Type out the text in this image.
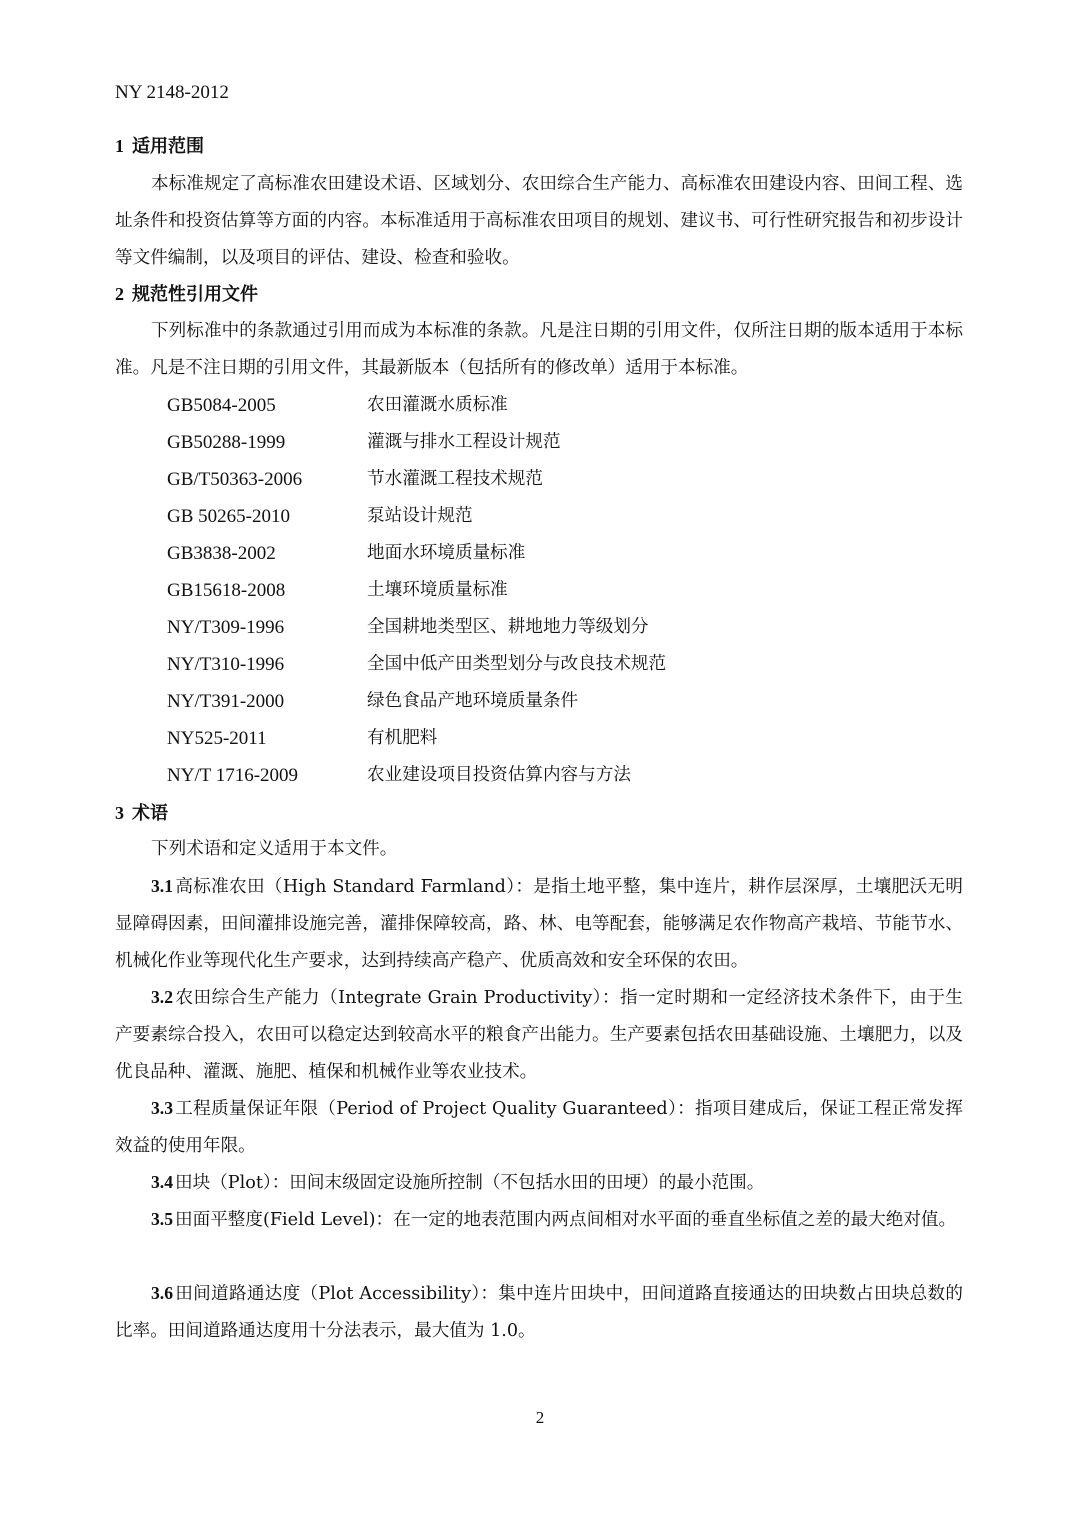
NY 2148-2012
1 适用范围
本标准规定了高标准农田建设术语、区域划分、农田综合生产能力、高标准农田建设内容、田间工程、选址条件和投资估算等方面的内容。本标准适用于高标准农田项目的规划、建议书、可行性研究报告和初步设计等文件编制，以及项目的评估、建设、检查和验收。
2 规范性引用文件
下列标准中的条款通过引用而成为本标准的条款。凡是注日期的引用文件，仅所注日期的版本适用于本标准。凡是不注日期的引用文件，其最新版本（包括所有的修改单）适用于本标准。
GB5084-2005	农田灌溉水质标准
GB50288-1999	灌溉与排水工程设计规范
GB/T50363-2006	节水灌溉工程技术规范
GB 50265-2010	泵站设计规范
GB3838-2002	地面水环境质量标准
GB15618-2008	土壤环境质量标准
NY/T309-1996	全国耕地类型区、耕地地力等级划分
NY/T310-1996	全国中低产田类型划分与改良技术规范
NY/T391-2000	绿色食品产地环境质量条件
NY525-2011	有机肥料
NY/T 1716-2009	农业建设项目投资估算内容与方法
3 术语
下列术语和定义适用于本文件。
3.1 高标准农田（High Standard Farmland）：是指土地平整，集中连片，耕作层深厚，土壤肥沃无明显障碍因素，田间灌排设施完善，灌排保障较高，路、林、电等配套，能够满足农作物高产栽培、节能节水、机械化作业等现代化生产要求，达到持续高产稳产、优质高效和安全环保的农田。
3.2 农田综合生产能力（Integrate Grain Productivity）：指一定时期和一定经济技术条件下，由于生产要素综合投入，农田可以稳定达到较高水平的粮食产出能力。生产要素包括农田基础设施、土壤肥力，以及优良品种、灌溉、施肥、植保和机械作业等农业技术。
3.3 工程质量保证年限（Period of Project Quality Guaranteed）：指项目建成后，保证工程正常发挥效益的使用年限。
3.4 田块（Plot）：田间末级固定设施所控制（不包括水田的田埂）的最小范围。
3.5 田面平整度(Field Level)：在一定的地表范围内两点间相对水平面的垂直坐标值之差的最大绝对值。
3.6 田间道路通达度（Plot Accessibility）：集中连片田块中，田间道路直接通达的田块数占田块总数的比率。田间道路通达度用十分法表示，最大值为 1.0。
2
